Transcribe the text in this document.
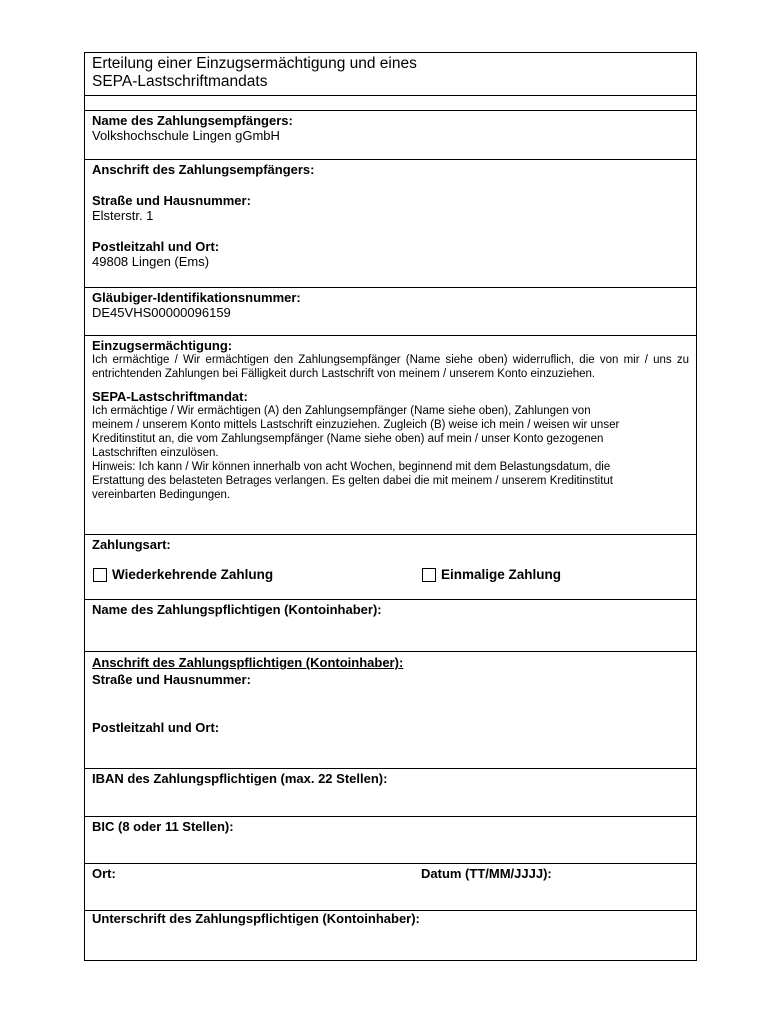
Erteilung einer Einzugsermächtigung und eines
SEPA-Lastschriftmandats
Name des Zahlungsempfängers:
Volkshochschule Lingen gGmbH
Anschrift des Zahlungsempfängers:
Straße und Hausnummer:
Elsterstr. 1
Postleitzahl und Ort:
49808 Lingen (Ems)
Gläubiger-Identifikationsnummer:
DE45VHS00000096159
Einzugsermächtigung:
Ich ermächtige / Wir ermächtigen den Zahlungsempfänger (Name siehe oben) widerruflich, die von mir / uns zu entrichtenden Zahlungen bei Fälligkeit durch Lastschrift von meinem / unserem Konto einzuziehen.
SEPA-Lastschriftmandat:
Ich ermächtige / Wir ermächtigen (A) den Zahlungsempfänger (Name siehe oben), Zahlungen von
meinem / unserem Konto mittels Lastschrift einzuziehen. Zugleich (B) weise ich mein / weisen wir unser
Kreditinstitut an, die vom Zahlungsempfänger (Name siehe oben) auf mein / unser Konto gezogenen
Lastschriften einzulösen.
Hinweis: Ich kann / Wir können innerhalb von acht Wochen, beginnend mit dem Belastungsdatum, die
Erstattung des belasteten Betrages verlangen. Es gelten dabei die mit meinem / unserem Kreditinstitut
vereinbarten Bedingungen.
Zahlungsart:
Wiederkehrende Zahlung	Einmalige Zahlung
Name des Zahlungspflichtigen (Kontoinhaber):
Anschrift des Zahlungspflichtigen (Kontoinhaber):
Straße und Hausnummer:
Postleitzahl und Ort:
IBAN des Zahlungspflichtigen (max. 22 Stellen):
BIC (8 oder 11 Stellen):
Ort:	Datum (TT/MM/JJJJ):
Unterschrift des Zahlungspflichtigen (Kontoinhaber):
